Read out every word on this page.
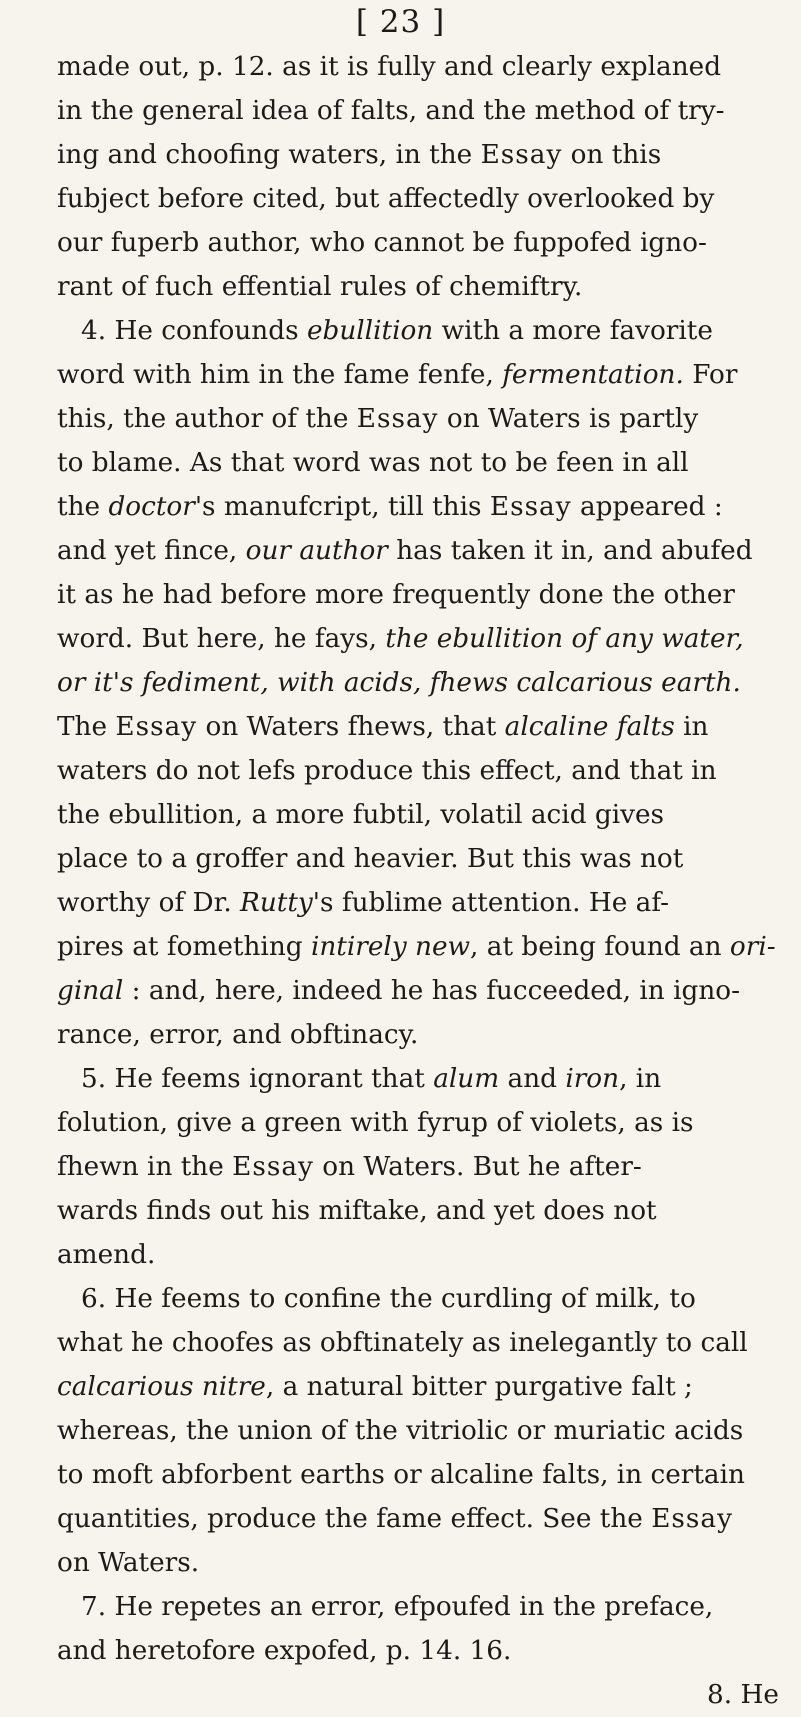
[ 23 ]
made out, p. 12. as it is fully and clearly explaned
in the general idea of falts, and the method of try-
ing and choofing waters, in the Essay on this
fubject before cited, but affectedly overlooked by
our fuperb author, who cannot be fuppofed igno-
rant of fuch effential rules of chemiftry.
4. He confounds ebullition with a more favorite
word with him in the fame fenfe, fermentation. For
this, the author of the Essay on Waters is partly
to blame. As that word was not to be feen in all
the doctor's manufcript, till this Essay appeared :
and yet fince, our author has taken it in, and abufed
it as he had before more frequently done the other
word. But here, he fays, the ebullition of any water,
or it's fediment, with acids, fhews calcarious earth.
The Essay on Waters fhews, that alcaline falts in
waters do not lefs produce this effect, and that in
the ebullition, a more fubtil, volatil acid gives
place to a groffer and heavier. But this was not
worthy of Dr. Rutty's fublime attention. He af-
pires at fomething intirely new, at being found an ori-
ginal : and, here, indeed he has fucceeded, in igno-
rance, error, and obftinacy.
5. He feems ignorant that alum and iron, in
folution, give a green with fyrup of violets, as is
fhewn in the Essay on Waters. But he after-
wards finds out his miftake, and yet does not
amend.
6. He feems to confine the curdling of milk, to
what he choofes as obftinately as inelegantly to call
calcarious nitre, a natural bitter purgative falt ;
whereas, the union of the vitriolic or muriatic acids
to moft abforbent earths or alcaline falts, in certain
quantities, produce the fame effect. See the Essay
on Waters.
7. He repetes an error, efpoufed in the preface,
and heretofore expofed, p. 14. 16.
8. He
